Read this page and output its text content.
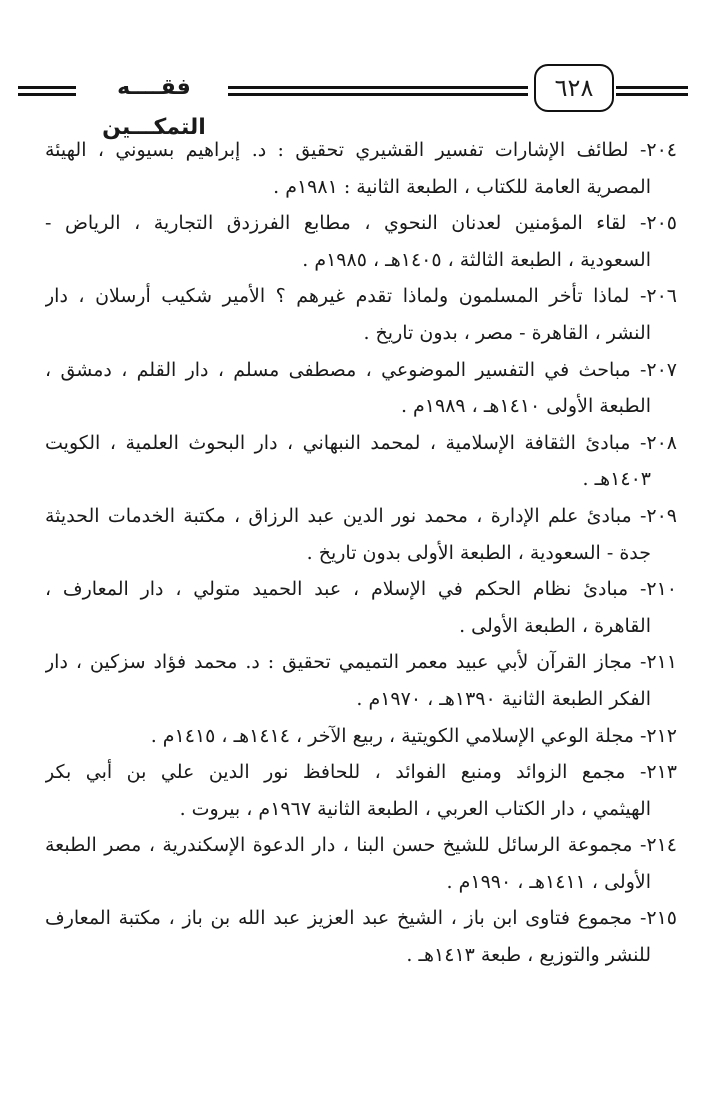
فقــــه التمكـــين
٦٢٨
٢٠٤- لطائف الإشارات تفسير القشيري تحقيق : د. إبراهيم بسيوني ، الهيئة
المصرية العامة للكتاب ، الطبعة الثانية : ١٩٨١م .
٢٠٥- لقاء المؤمنين لعدنان النحوي ، مطابع الفرزدق التجارية ، الرياض -
السعودية ، الطبعة الثالثة ، ١٤٠٥هـ ، ١٩٨٥م .
٢٠٦- لماذا تأخر المسلمون ولماذا تقدم غيرهم ؟ الأمير شكيب أرسلان ، دار
النشر ، القاهرة - مصر ، بدون تاريخ .
٢٠٧- مباحث في التفسير الموضوعي ، مصطفى مسلم ، دار القلم ، دمشق ،
الطبعة الأولى ١٤١٠هـ ، ١٩٨٩م .
٢٠٨- مبادئ الثقافة الإسلامية ، لمحمد النبهاني ، دار البحوث العلمية ، الكويت
١٤٠٣هـ .
٢٠٩- مبادئ علم الإدارة ، محمد نور الدين عبد الرزاق ، مكتبة الخدمات الحديثة
جدة - السعودية ، الطبعة الأولى بدون تاريخ .
٢١٠- مبادئ نظام الحكم في الإسلام ، عبد الحميد متولي ، دار المعارف ،
القاهرة ، الطبعة الأولى .
٢١١- مجاز القرآن لأبي عبيد معمر التميمي تحقيق : د. محمد فؤاد سزكين ، دار
الفكر الطبعة الثانية ١٣٩٠هـ ، ١٩٧٠م .
٢١٢- مجلة الوعي الإسلامي الكويتية ، ربيع الآخر ، ١٤١٤هـ ، ١٤١٥م .
٢١٣- مجمع الزوائد ومنبع الفوائد ، للحافظ نور الدين علي بن أبي بكر
الهيثمي ، دار الكتاب العربي ، الطبعة الثانية ١٩٦٧م ، بيروت .
٢١٤- مجموعة الرسائل للشيخ حسن البنا ، دار الدعوة الإسكندرية ، مصر الطبعة
الأولى ، ١٤١١هـ ، ١٩٩٠م .
٢١٥- مجموع فتاوى ابن باز ، الشيخ عبد العزيز عبد الله بن باز ، مكتبة المعارف
للنشر والتوزيع ، طبعة ١٤١٣هـ .
